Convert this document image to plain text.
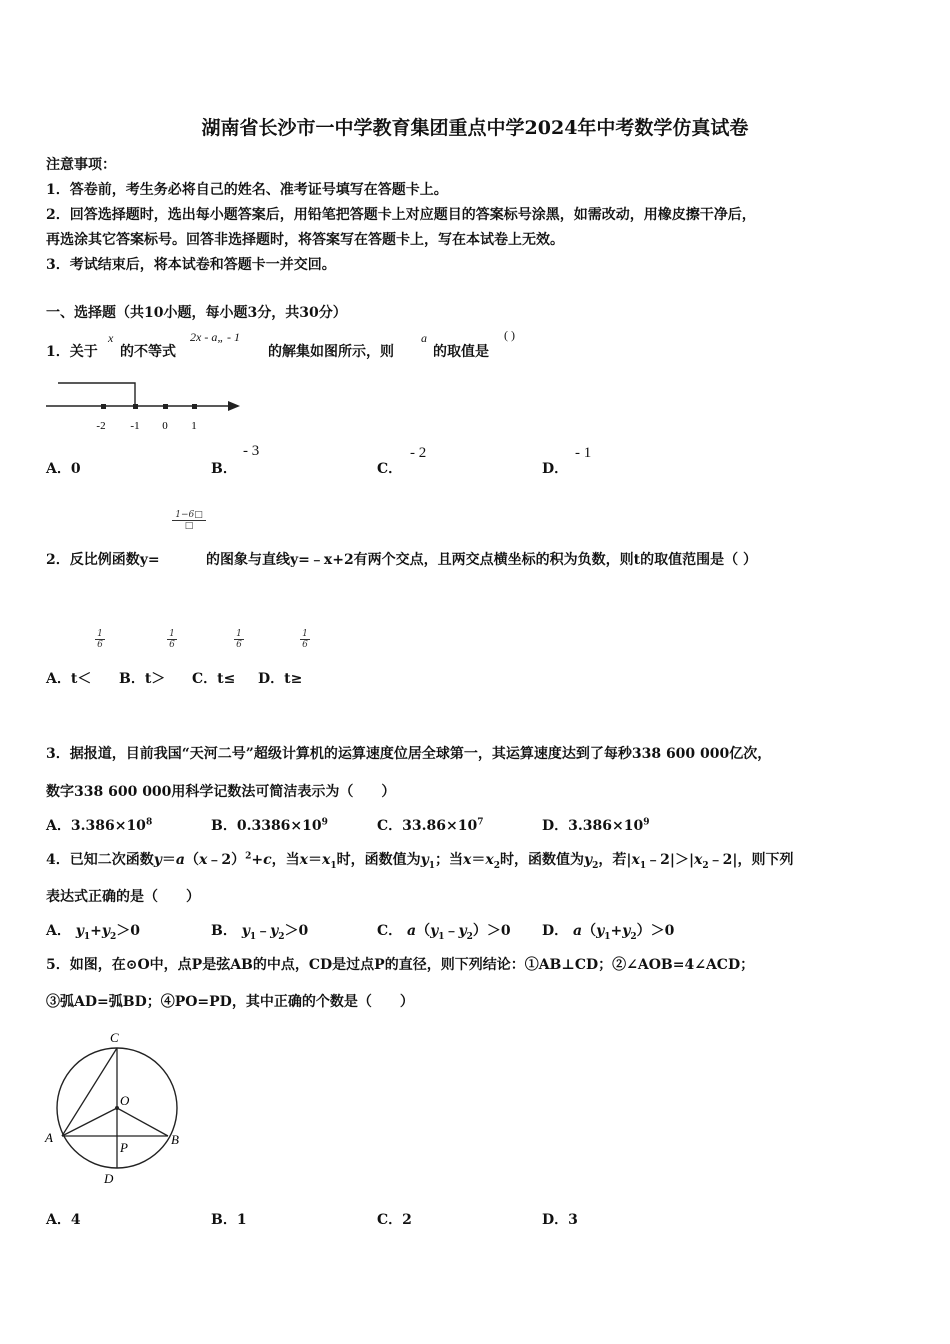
湖南省长沙市一中学教育集团重点中学2024年中考数学仿真试卷
注意事项：
1．答卷前，考生务必将自己的姓名、准考证号填写在答题卡上。
2．回答选择题时，选出每小题答案后，用铅笔把答题卡上对应题目的答案标号涂黑，如需改动，用橡皮擦干净后，
再选涂其它答案标号。回答非选择题时，将答案写在答题卡上，写在本试卷上无效。
3．考试结束后，将本试卷和答题卡一并交回。
一、选择题（共10小题，每小题3分，共30分）
1．关于
x
的不等式
2x - a„ - 1
的解集如图所示，则
a
的取值是
( )
-2 -1 0 1
A．0	B．
- 3
C．
- 2
D．
- 1
1−6□
□
2．反比例函数y=	的图象与直线y=﹣x+2有两个交点，且两交点横坐标的积为负数，则t的取值范围是（ ）
$\frac{1}{6}$	$\frac{1}{6}$	$\frac{1}{6}$	$\frac{1}{6}$
A．t＜ B．t＞ C．t≤ D．t≥
3．据报道，目前我国“天河二号”超级计算机的运算速度位居全球第一，其运算速度达到了每秒338 600 000亿次，
数字338 600 000用科学记数法可简洁表示为（　　）
A．$3.386\times 10^8$	B．$0.3386\times 10^9$	C．$33.86\times 10^7$	D．$3.386\times 10^9$
4．已知二次函数y＝a（x﹣2）$^2$+c，当$x=x_1$时，函数值为$y_1$；当$x=x_2$时，函数值为$y_2$，若$|x_1﹣2|>|x_2﹣2|$，则下列
表达式正确的是（　　）
A． $y_1+y_2>0$	B． $y_1﹣y_2>0$	C． $a(y_1﹣y_2)>0$ D． $a(y_1+y_2)>0$
5．如图，在⊙O中，点P是弦AB的中点，CD是过点P的直径，则下列结论：①AB⊥CD；②∠AOB=4∠ACD；
③弧AD=弧BD；④PO=PD，其中正确的个数是（　　）
C
O
A	B
P
D
A．4	B．1	C．2	D．3
